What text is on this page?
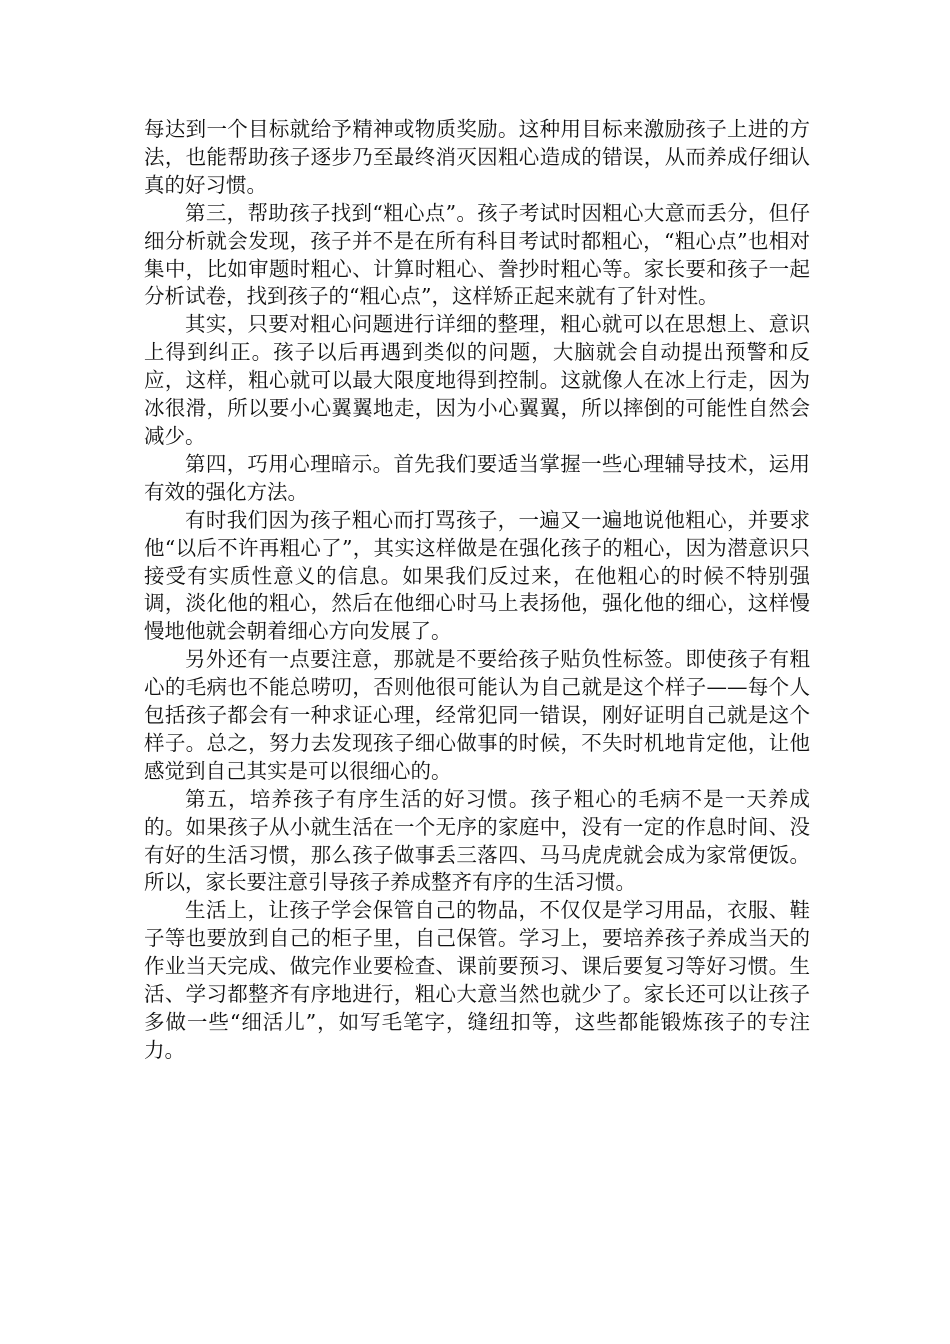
每达到一个目标就给予精神或物质奖励。这种用目标来激励孩子上进的方法，也能帮助孩子逐步乃至最终消灭因粗心造成的错误，从而养成仔细认真的好习惯。

第三，帮助孩子找到“粗心点”。孩子考试时因粗心大意而丢分，但仔细分析就会发现，孩子并不是在所有科目考试时都粗心，“粗心点”也相对集中，比如审题时粗心、计算时粗心、誊抄时粗心等。家长要和孩子一起分析试卷，找到孩子的“粗心点”，这样矫正起来就有了针对性。

其实，只要对粗心问题进行详细的整理，粗心就可以在思想上、意识上得到纠正。孩子以后再遇到类似的问题，大脑就会自动提出预警和反应，这样，粗心就可以最大限度地得到控制。这就像人在冰上行走，因为冰很滑，所以要小心翼翼地走，因为小心翼翼，所以摔倒的可能性自然会减少。

第四，巧用心理暗示。首先我们要适当掌握一些心理辅导技术，运用有效的强化方法。

有时我们因为孩子粗心而打骂孩子，一遍又一遍地说他粗心，并要求他“以后不许再粗心了”，其实这样做是在强化孩子的粗心，因为潜意识只接受有实质性意义的信息。如果我们反过来，在他粗心的时候不特别强调，淡化他的粗心，然后在他细心时马上表扬他，强化他的细心，这样慢慢地他就会朝着细心方向发展了。

另外还有一点要注意，那就是不要给孩子贴负性标签。即使孩子有粗心的毛病也不能总唠叨，否则他很可能认为自己就是这个样子——每个人包括孩子都会有一种求证心理，经常犯同一错误，刚好证明自己就是这个样子。总之，努力去发现孩子细心做事的时候，不失时机地肯定他，让他感觉到自己其实是可以很细心的。

第五，培养孩子有序生活的好习惯。孩子粗心的毛病不是一天养成的。如果孩子从小就生活在一个无序的家庭中，没有一定的作息时间、没有好的生活习惯，那么孩子做事丢三落四、马马虎虎就会成为家常便饭。所以，家长要注意引导孩子养成整齐有序的生活习惯。

生活上，让孩子学会保管自己的物品，不仅仅是学习用品，衣服、鞋子等也要放到自己的柜子里，自己保管。学习上，要培养孩子养成当天的作业当天完成、做完作业要检查、课前要预习、课后要复习等好习惯。生活、学习都整齐有序地进行，粗心大意当然也就少了。家长还可以让孩子多做一些“细活儿”，如写毛笔字，缝纽扣等，这些都能锻炼孩子的专注力。
